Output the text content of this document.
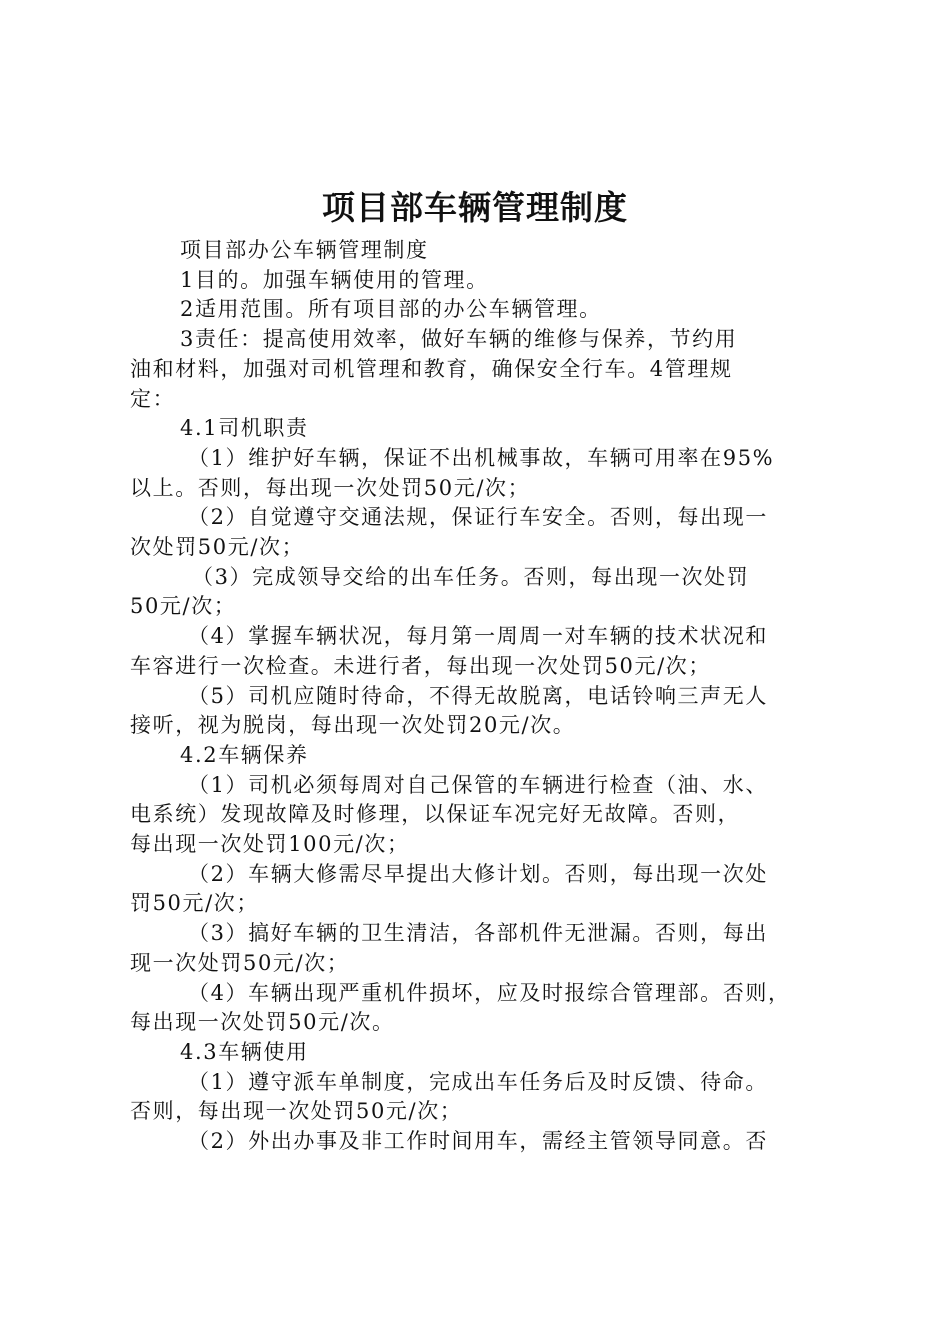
项目部车辆管理制度

项目部办公车辆管理制度

1目的。加强车辆使用的管理。

2适用范围。所有项目部的办公车辆管理。

3责任：提高使用效率，做好车辆的维修与保养，节约用

油和材料，加强对司机管理和教育，确保安全行车。4管理规

定：

4.1司机职责

（1）维护好车辆，保证不出机械事故，车辆可用率在95%

以上。否则，每出现一次处罚50元/次；

（2）自觉遵守交通法规，保证行车安全。否则，每出现一

次处罚50元/次；

（3）完成领导交给的出车任务。否则，每出现一次处罚

50元/次；

（4）掌握车辆状况，每月第一周周一对车辆的技术状况和

车容进行一次检查。未进行者，每出现一次处罚50元/次；

（5）司机应随时待命，不得无故脱离，电话铃响三声无人

接听，视为脱岗，每出现一次处罚20元/次。

4.2车辆保养

（1）司机必须每周对自己保管的车辆进行检查（油、水、

电系统）发现故障及时修理，以保证车况完好无故障。否则，

每出现一次处罚100元/次；

（2）车辆大修需尽早提出大修计划。否则，每出现一次处

罚50元/次；

（3）搞好车辆的卫生清洁，各部机件无泄漏。否则，每出

现一次处罚50元/次；

（4）车辆出现严重机件损坏，应及时报综合管理部。否则，

每出现一次处罚50元/次。

4.3车辆使用

（1）遵守派车单制度，完成出车任务后及时反馈、待命。

否则，每出现一次处罚50元/次；

（2）外出办事及非工作时间用车，需经主管领导同意。否
